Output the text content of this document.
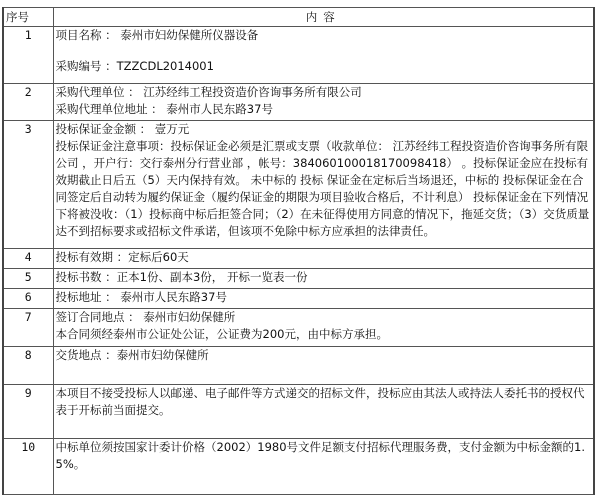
序号	内容
1	项目名称 ： 泰州市妇幼保健所仪器设备
采购编号 ：TZZCDL2014001

2	采购代理单位 ： 江苏经纬工程投资造价咨询事务所有限公司
采购代理单位地址 ： 泰州市人民东路37号

3	投标保证金金额 ： 壹万元
投标保证金注意事项：投标保证金必须是汇票或支票（收款单位： 江苏经纬工程投资造价咨询事务所有限公司 ，开户行：交行泰州分行营业部 ，帐号：384060100018170098418） 。投标保证金应在投标有效期截止日后五（5）天内保持有效。 未中标的 投标 保证金在定标后当场退还，中标的 投标保证金在合同签定后自动转为履约保证金（履约保证金的期限为项目验收合格后，不计利息） 投标保证金在下列情况下将被没收：（1）投标商中标后拒签合同；（2）在未征得使用方同意的情况下，拖延交货；（3）交货质量达不到招标要求或招标文件承诺，但该项不免除中标方应承担的法律责任。

4	投标有效期 ：定标后60天

5	投标书数 ：正本1份、副本3份， 开标一览表一份

6	投标地址 ： 泰州市人民东路37号

7	签订合同地点 ： 泰州市妇幼保健所
本合同须经泰州市公证处公证，公证费为200元，由中标方承担。

8	交货地点 ：泰州市妇幼保健所

9	本项目不接受投标人以邮递、电子邮件等方式递交的招标文件，投标应由其法人或持法人委托书的授权代表于开标前当面提交。

10	中标单位须按国家计委计价格（2002）1980号文件足额支付招标代理服务费，支付金额为中标金额的1.5%。
